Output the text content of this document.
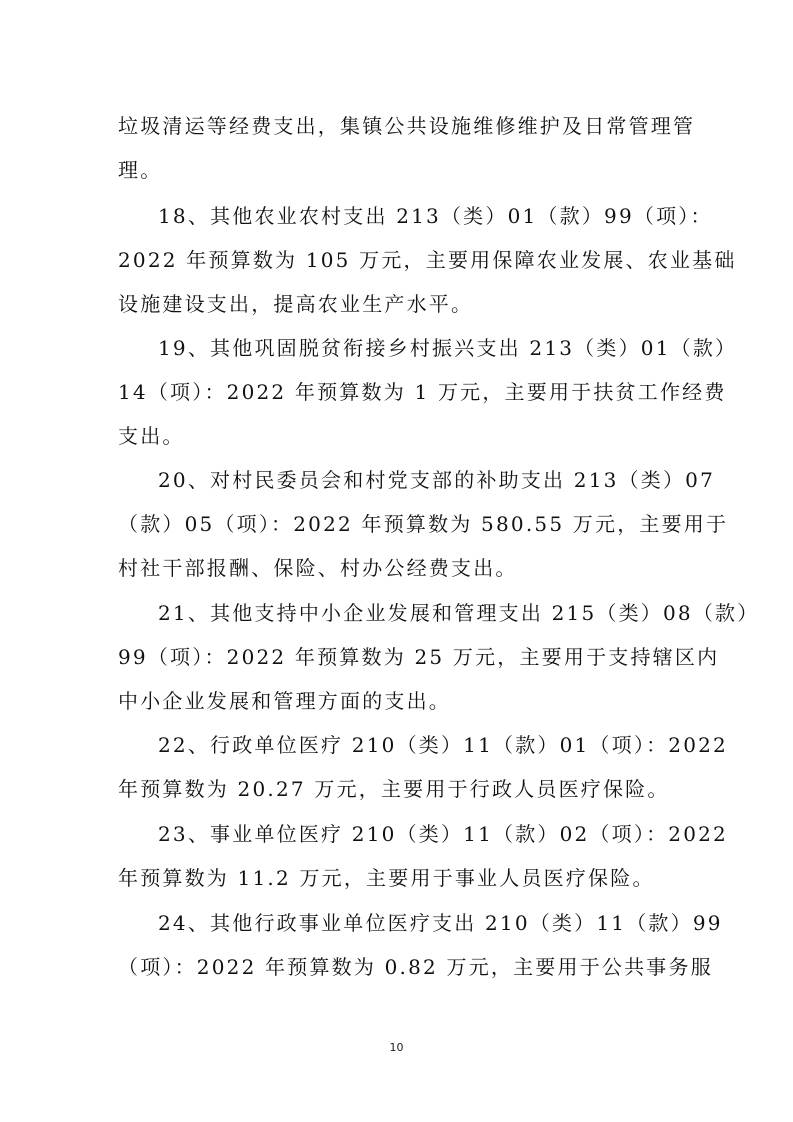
垃圾清运等经费支出，集镇公共设施维修维护及日常管理管
理。
18、其他农业农村支出 213（类）01（款）99（项）：
2022 年预算数为 105 万元，主要用保障农业发展、农业基础
设施建设支出，提高农业生产水平。
19、其他巩固脱贫衔接乡村振兴支出 213（类）01（款）
14（项）：2022 年预算数为 1 万元，主要用于扶贫工作经费
支出。
20、对村民委员会和村党支部的补助支出 213（类）07
（款）05（项）：2022 年预算数为 580.55 万元，主要用于
村社干部报酬、保险、村办公经费支出。
21、其他支持中小企业发展和管理支出 215（类）08（款）
99（项）：2022 年预算数为 25 万元，主要用于支持辖区内
中小企业发展和管理方面的支出。
22、行政单位医疗 210（类）11（款）01（项）：2022
年预算数为 20.27 万元，主要用于行政人员医疗保险。
23、事业单位医疗 210（类）11（款）02（项）：2022
年预算数为 11.2 万元，主要用于事业人员医疗保险。
24、其他行政事业单位医疗支出 210（类）11（款）99
（项）：2022 年预算数为 0.82 万元，主要用于公共事务服
10
